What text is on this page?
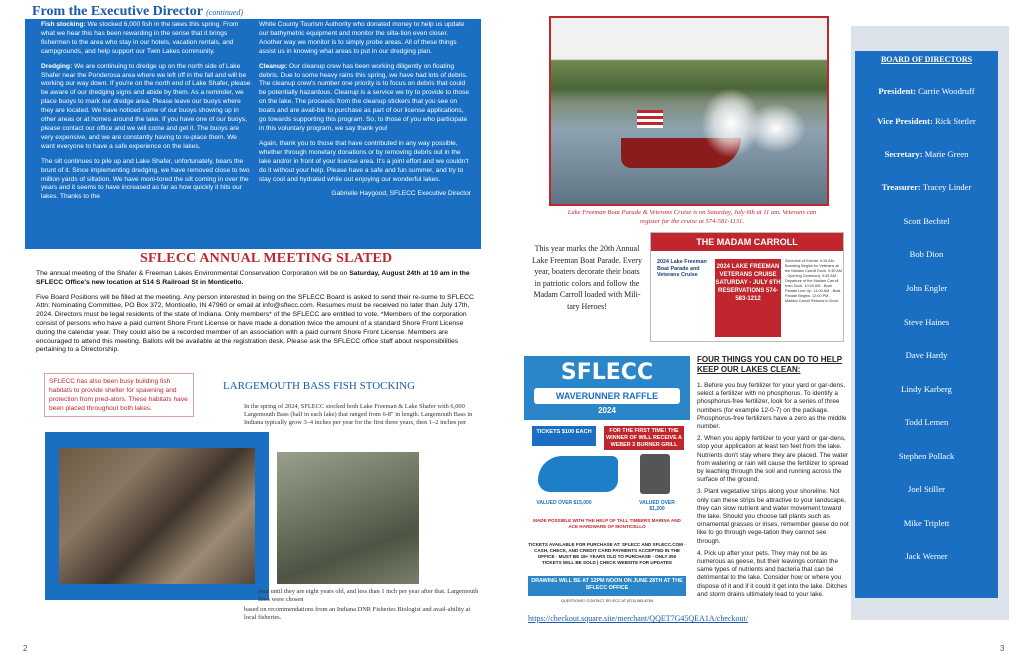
From the Executive Director (continued)

Fish stocking: We stocked 6,000 fish in the lakes this spring. From what we hear this has been rewarding in the sense that it brings fishermen to the area who stay in our hotels, vacation rentals, and campgrounds, and help support our Twin Lakes community.

Dredging: We are continuing to dredge up on the north side of Lake Shafer near the Ponderosa area where we left off in the fall and will be working our way down. If you're on the north end of Lake Shafer, please be aware of our dredging signs and abide by them. As a reminder, we place buoys to mark our dredge area. Please leave our buoys where they are located. We have noticed some of our buoys showing up in other areas or at homes around the lake. If you have one of our buoys, please contact our office and we will come and get it. The buoys are very expensive, and we are constantly having to re-place them. We want everyone to have a safe experience on the lakes.

The silt continues to pile up and Lake Shafer, unfortunately, bears the brunt of it. Since implementing dredging, we have removed close to two million yards of siltation. We have moni-tored the silt coming in over the years and it seems to have increased as far as how quickly it hits our lakes. Thanks to the

White County Tourism Authority who donated money to help us update our bathymetric equipment and monitor the silta-tion even closer. Another way we monitor is to simply probe areas. All of these things assist us in knowing what areas to put in our dredging plan.

Cleanup: Our cleanup crew has been working diligently on floating debris. Due to some heavy rains this spring, we have had lots of debris. The cleanup crew's number one priority is to focus on debris that could be potentially hazardous. Cleanup is a service we try to provide to those on the lake. The proceeds from the cleanup stickers that you see on boats and are avail-ble to purchase as part of our license applications, go towards supporting this program. So, to those of you who participate in this voluntary program, we say thank you!

Again, thank you to those that have contributed in any way possible, whether through monetary donations or by removing debris out in the lake and/or in front of your license area. It's a joint effort and we couldn't do it without your help. Please have a safe and fun summer, and try to stay cool and hydrated while out enjoying our wonderful lakes.

Gabrielle Haygood, SFLECC Executive Director

SFLECC ANNUAL MEETING SLATED

The annual meeting of the Shafer & Freeman Lakes Environmental Conservation Corporation will be on Saturday, August 24th at 10 am in the SFLECC Office's new location at 514 S Railroad St in Monticello.

Five Board Positions will be filled at the meeting. Any person interested in being on the SFLECC Board is asked to send their re-sume to SFLECC Attn: Nominating Committee, PO Box 372, Monticello, IN 47960 or email at info@sflecc.com. Resumes must be received no later than July 17th, 2024. Directors must be legal residents of the state of Indiana. Only members* of the SFLECC are entitled to vote. *Members of the corporation consist of persons who have a paid current Shore Front License or have made a donation twice the amount of a standard Shore Front License during the calendar year. They could also be a recorded member of an association with a paid current Shore Front License. Members are encouraged to attend this meeting. Ballots will be available at the registration desk. Please ask the SFLECC office staff about responsibilities pertaining to a Directorship.

SFLECC has also been busy building fish habitats to provide shelter for spawning and protection from pred-ators. These habitats have been placed throughout both lakes.
LARGEMOUTH BASS FISH STOCKING
In the spring of 2024, SFLECC stocked both Lake Freeman & Lake Shafer with 6,000 Largemouth Bass (half in each lake) that ranged from 6-8" in length. Largemouth Bass in Indiana typically grow 3–4 inches per year for the first three years, then 1–2 inches per
year until they are eight years old, and less than 1 inch per year after that. Largemouth Bass were chosen
based on recommendations from an Indiana DNR Fisheries Biologist and avail-ability at local fisheries.
2	3
Lake Freeman Boat Parade & Veterans Cruise is on Saturday, July 6th at 11 am. Veterans can register for the cruise at 574-581-1131.
This year marks the 20th Annual Lake Freeman Boat Parade. Every year, boaters decorate their boats in patriotic colors and follow the Madam Carroll loaded with Mili-tary Heroes!
THE MADAM CARROLL
2024 Lake Freeman Boat Parade and Veterans Cruise
2024 LAKE FREEMAN VETERANS CRUISE SATURDAY - JULY 6TH RESERVATIONS 574-583-1212
Schedule of Events: 9:15 AM - Boarding Begins for Veterans at the Madam Carroll Dock. 9:30 AM - Opening Ceremony. 9:45 AM - Departure of the Madam Carroll from Dock. 10:00 AM - Boat Parade Line Up. 11:00 AM - Boat Parade Begins. 12:00 PM - Madam Carroll Returns to Dock.
SFLECC
WAVERUNNER RAFFLE
2024
TICKETS $100 EACH	FOR THE FIRST TIME! THE WINNER OF WILL RECEIVE A WEBER 3 BURNER GRILL
VALUED OVER $15,000	VALUED OVER $1,200
MADE POSSIBLE WITH THE HELP OF TALL TIMBERS MARINA AND ACE HARDWARE OF MONTICELLO
TICKETS AVAILABLE FOR PURCHASE AT: SFLECC AND SFLECC.COM · CASH, CHECK, AND CREDIT CARD PAYMENTS ACCEPTED IN THE OFFICE · MUST BE 18+ YEARS OLD TO PURCHASE · ONLY 250 TICKETS WILL BE SOLD | CHECK WEBSITE FOR UPDATES
DRAWING WILL BE AT 12PM NOON ON JUNE 28TH AT THE SFLECC OFFICE
QUESTIONS? CONTACT SFLECC AT (574) 583-8784
https://checkout.square.site/merchant/QQET7G45QEA1A/checkout/
FOUR THINGS YOU CAN DO TO HELP KEEP OUR LAKES CLEAN:

1. Before you buy fertilizer for your yard or gar-dens, select a fertilizer with no phosphorus. To identify a phosphorus-free fertilizer, look for a series of three numbers (for example 12-0-7) on the package. Phosphorus-free fertilizers have a zero as the middle number.

2. When you apply fertilizer to your yard or gar-dens, stop your application at least ten feet from the lake. Nutrients don't stay where they are placed. The water from watering or rain will cause the fertilizer to spread by leaching through the soil and running across the surface of the ground.

3. Plant vegetative strips along your shoreline. Not only can these strips be attractive to your landscape, they can slow nutrient and water movement toward the lake. Should you choose tall plants such as ornamental grasses or irises, remember geese do not like to go through vege-tation they cannot see through.

4. Pick up after your pets. They may not be as numerous as geese, but their leavings contain the same types of nutrients and bacteria that can be detrimental to the lake. Consider how or where you dispose of it and if it could it get into the lake. Ditches and storm drains ultimately lead to your lake.

BOARD OF DIRECTORS
President: Carrie Woodruff
Vice President: Rick Stetler
Secretary: Marie Green
Treasurer: Tracey Linder
Scott Bechtel
Bob Dion
John Engler
Steve Haines
Dave Hardy
Lindy Karberg
Todd Lemen
Stephen Pollack
Joel Stiller
Mike Triplett
Jack Werner
